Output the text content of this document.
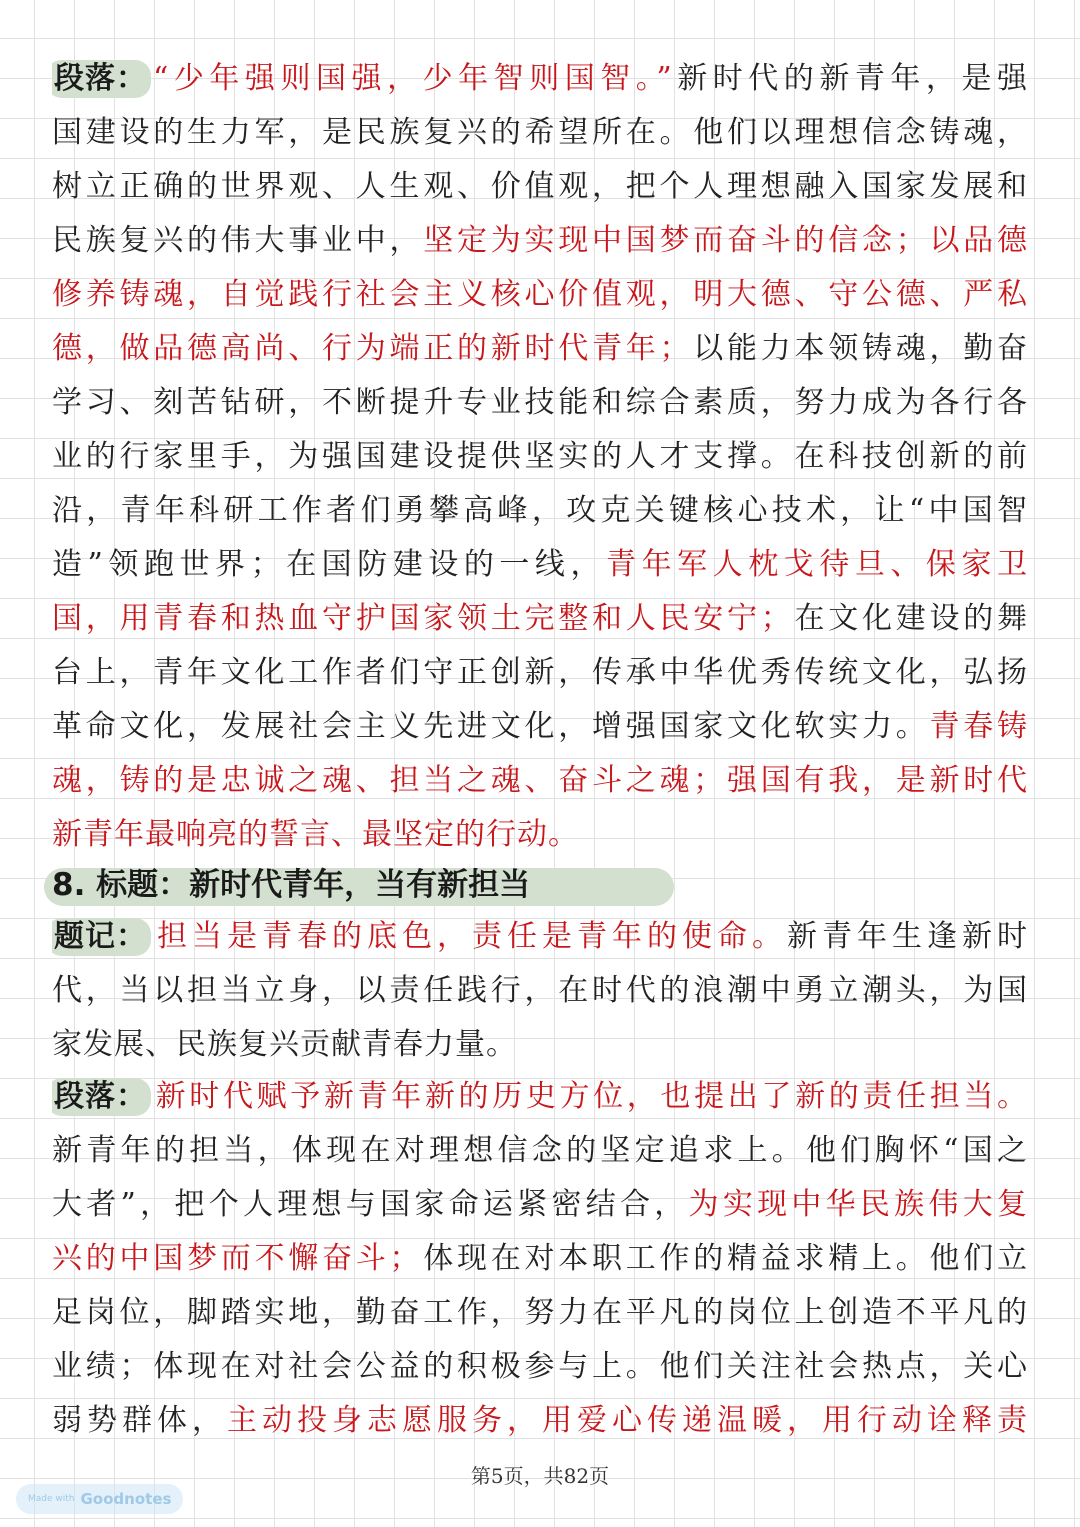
段落： “少年强则国强，少年智则国智。”新时代的新青年，是强
国建设的生力军，是民族复兴的希望所在。他们以理想信念铸魂，
树立正确的世界观、人生观、价值观，把个人理想融入国家发展和
民族复兴的伟大事业中，坚定为实现中国梦而奋斗的信念；以品德
修养铸魂，自觉践行社会主义核心价值观，明大德、守公德、严私
德，做品德高尚、行为端正的新时代青年；以能力本领铸魂，勤奋
学习、刻苦钻研，不断提升专业技能和综合素质，努力成为各行各
业的行家里手，为强国建设提供坚实的人才支撑。在科技创新的前
沿，青年科研工作者们勇攀高峰，攻克关键核心技术，让“中国智
造”领跑世界；在国防建设的一线，青年军人枕戈待旦、保家卫
国，用青春和热血守护国家领土完整和人民安宁；在文化建设的舞
台上，青年文化工作者们守正创新，传承中华优秀传统文化，弘扬
革命文化，发展社会主义先进文化，增强国家文化软实力。青春铸
魂，铸的是忠诚之魂、担当之魂、奋斗之魂；强国有我，是新时代
新青年最响亮的誓言、最坚定的行动。
8. 标题：新时代青年，当有新担当
题记： 担当是青春的底色，责任是青年的使命。新青年生逢新时
代，当以担当立身，以责任践行，在时代的浪潮中勇立潮头，为国
家发展、民族复兴贡献青春力量。
段落： 新时代赋予新青年新的历史方位，也提出了新的责任担当。
新青年的担当，体现在对理想信念的坚定追求上。他们胸怀“国之
大者”，把个人理想与国家命运紧密结合，为实现中华民族伟大复
兴的中国梦而不懈奋斗；体现在对本职工作的精益求精上。他们立
足岗位，脚踏实地，勤奋工作，努力在平凡的岗位上创造不平凡的
业绩；体现在对社会公益的积极参与上。他们关注社会热点，关心
弱势群体，主动投身志愿服务，用爱心传递温暖，用行动诠释责
第5页，共82页
Made with Goodnotes
